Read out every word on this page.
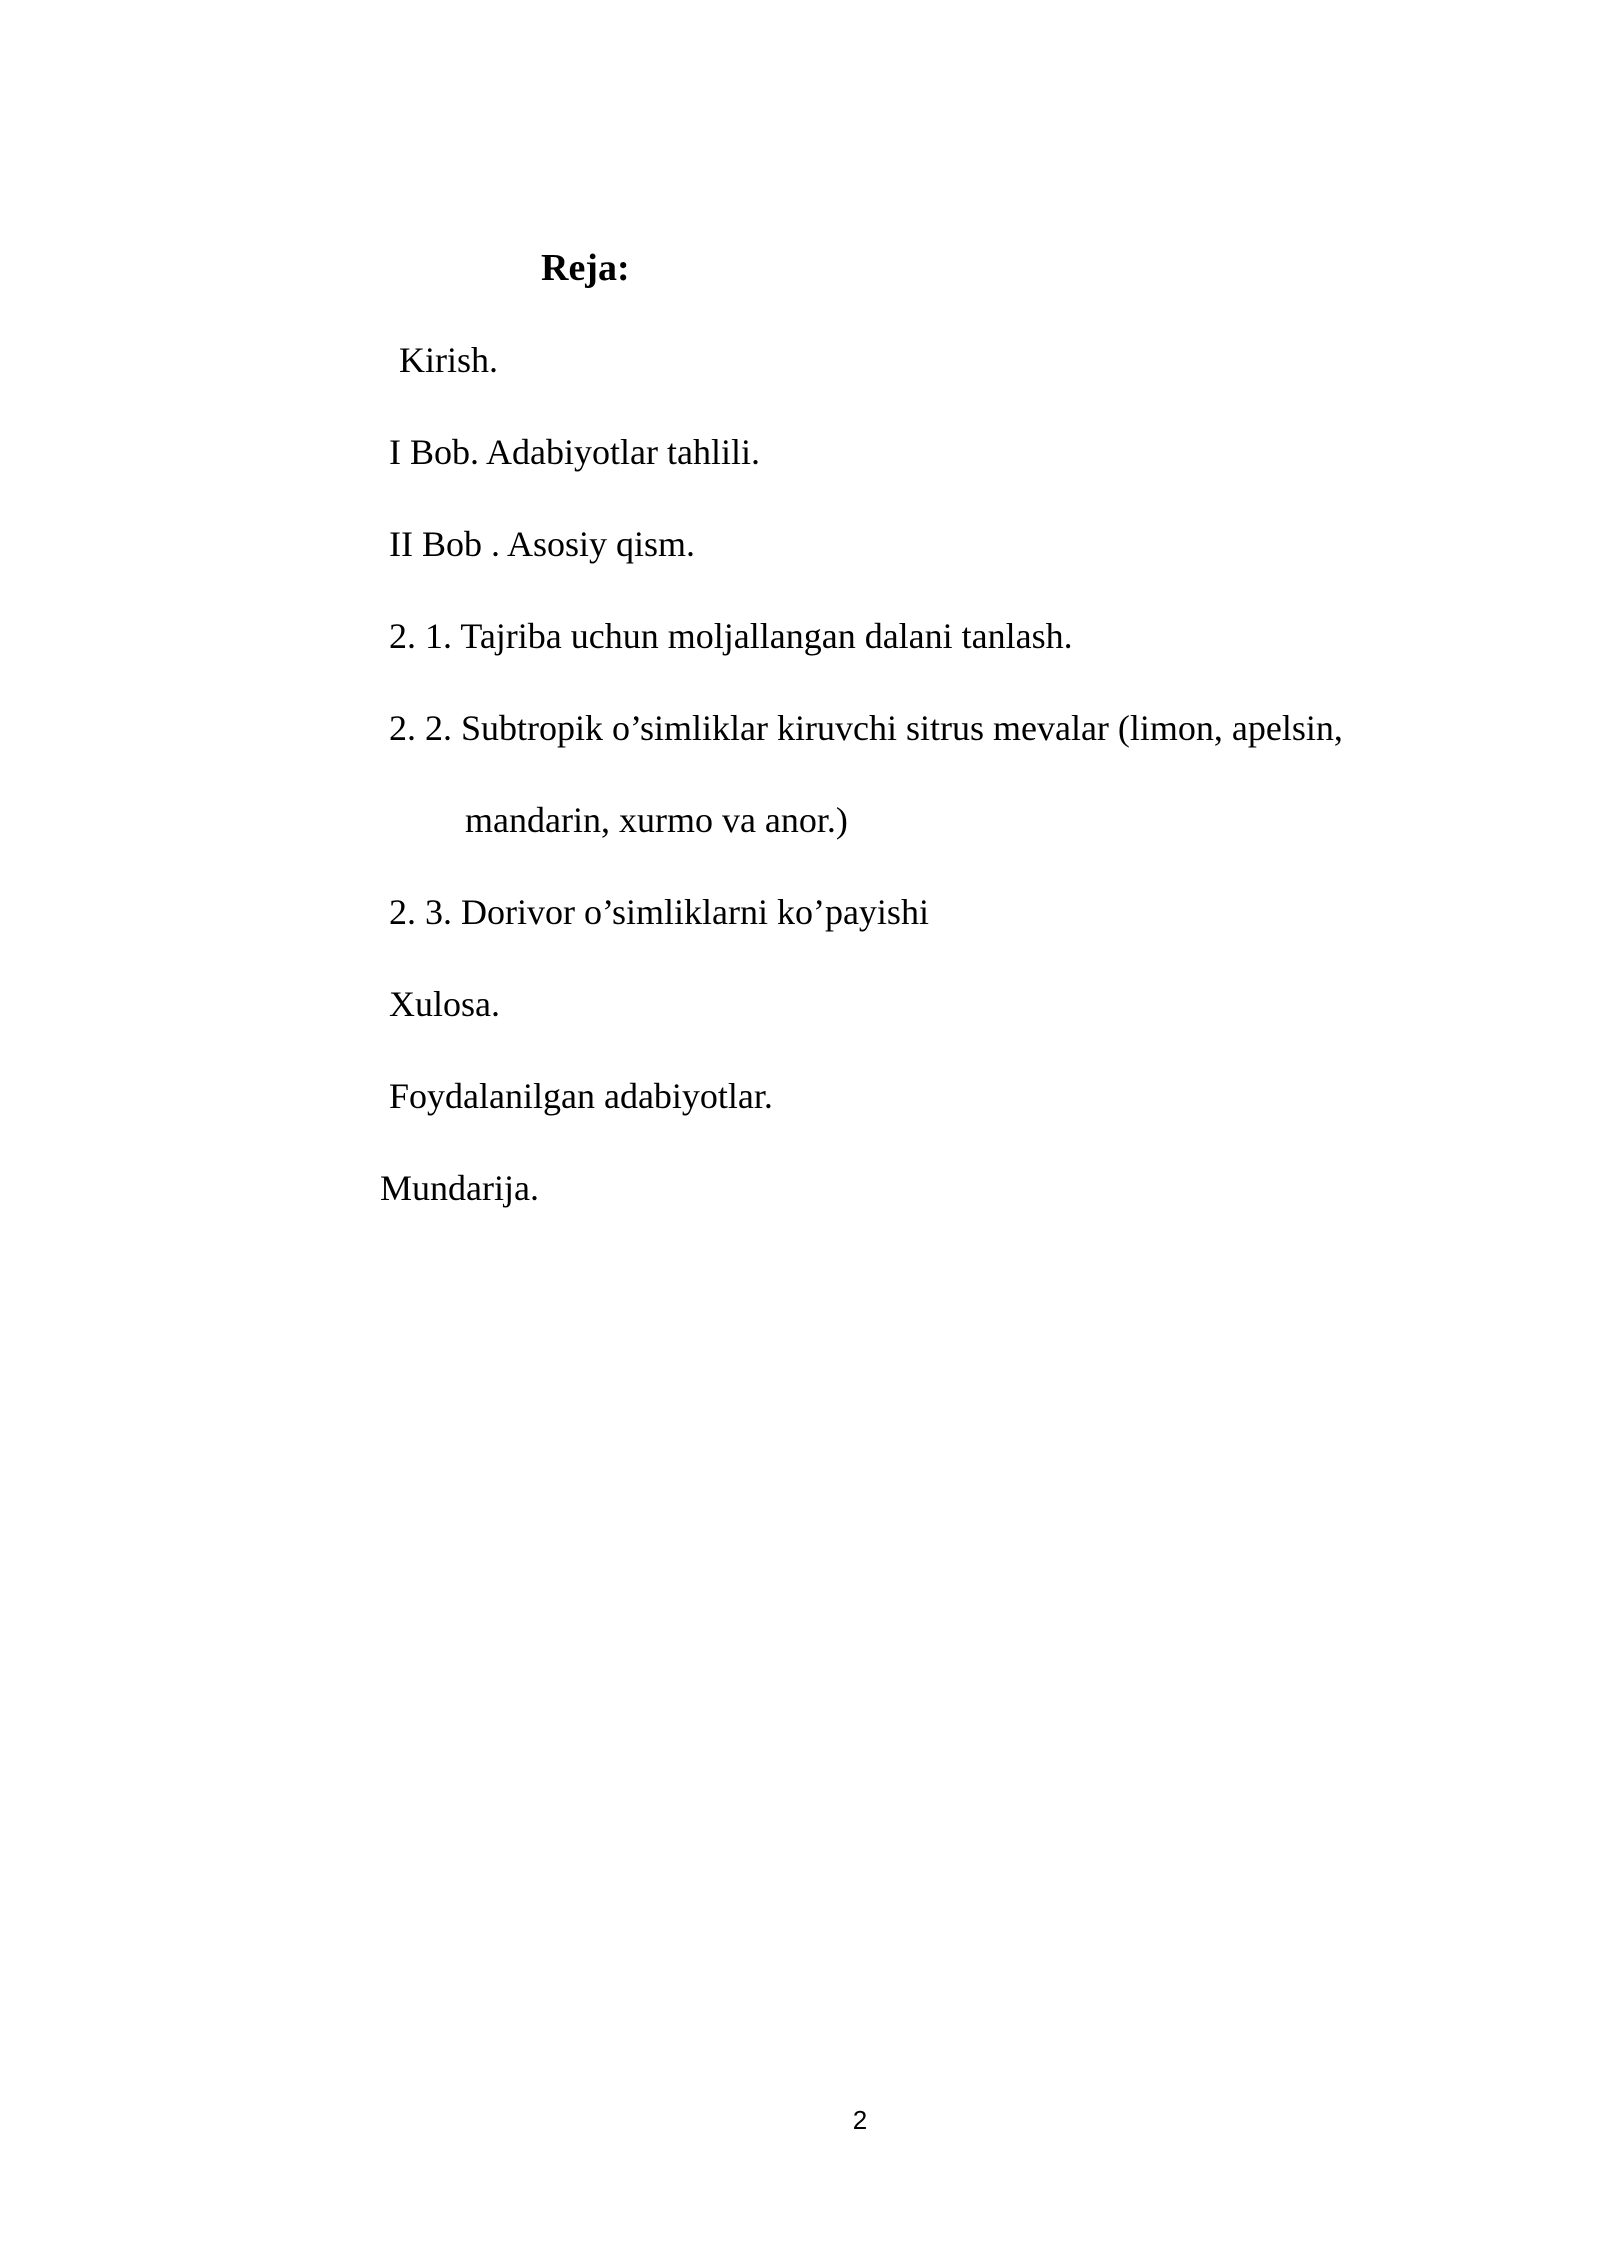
Reja:
Kirish.
I Bob. Adabiyotlar tahlili.
II Bob . Asosiy qism.
2. 1. Tajriba uchun moljallangan dalani tanlash.
2. 2. Subtropik o’simliklar kiruvchi sitrus mevalar (limon, apelsin,
mandarin, xurmo va anor.)
2. 3. Dorivor o’simliklarni ko’payishi
Xulosa.
Foydalanilgan adabiyotlar.
Mundarija.
2
